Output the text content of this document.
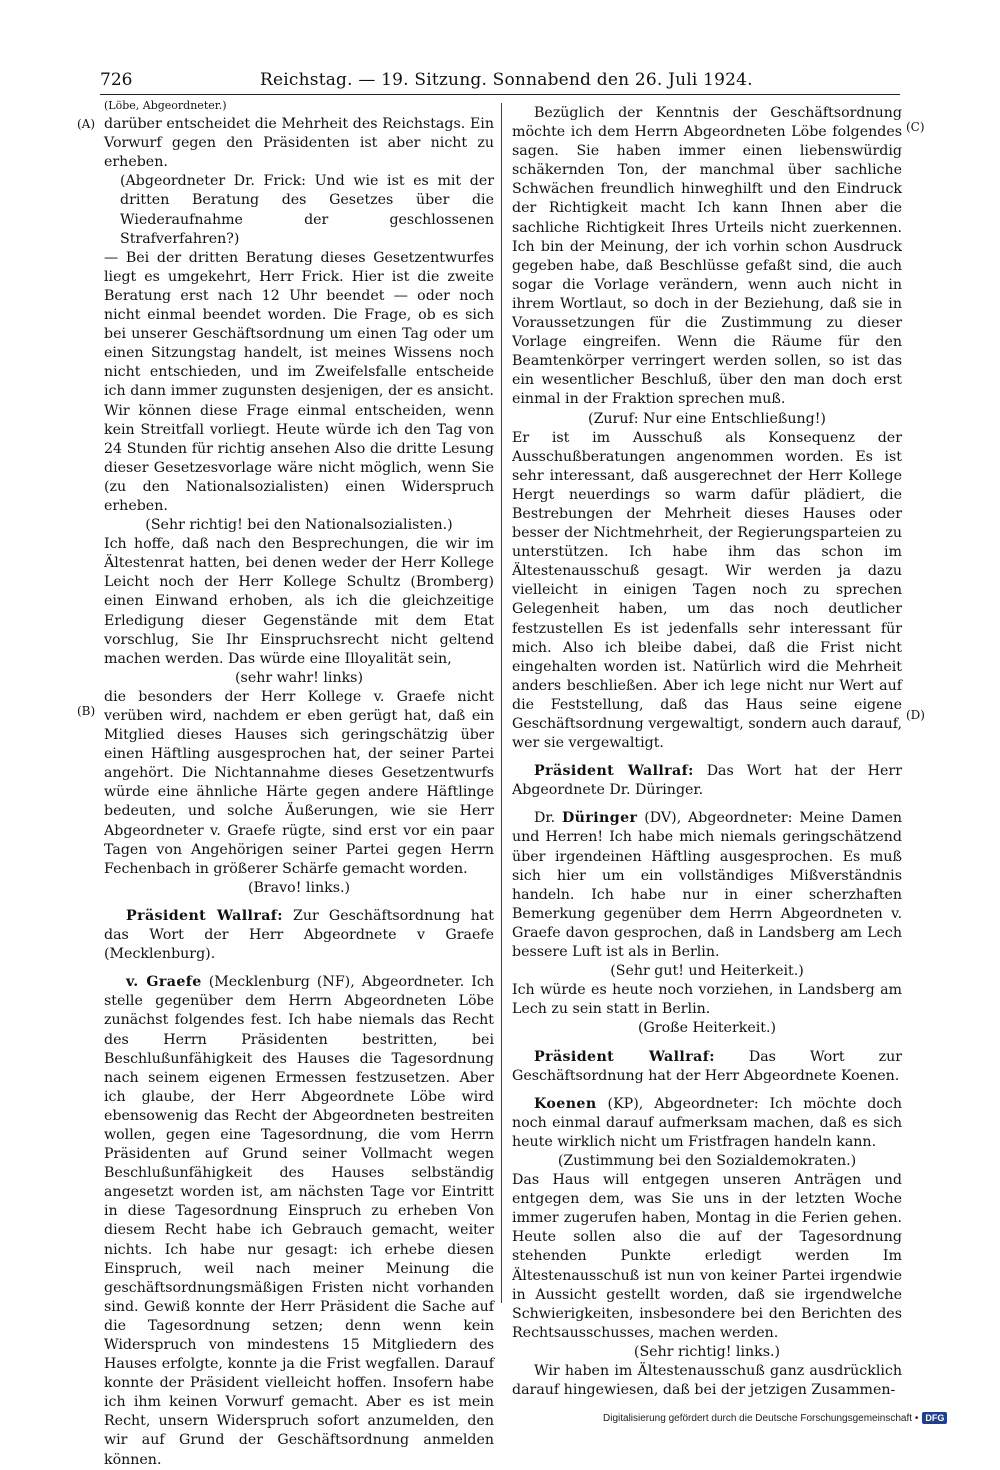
726	Reichstag. — 19. Sitzung. Sonnabend den 26. Juli 1924.
(A)
(B)
(C)
(D)

(Löbe, Abgeordneter.)

darüber entscheidet die Mehrheit des Reichstags. Ein Vorwurf gegen den Präsidenten ist aber nicht zu erheben.

(Abgeordneter Dr. Frick: Und wie ist es mit der dritten Beratung des Gesetzes über die Wiederaufnahme der geschlossenen Strafverfahren?)

— Bei der dritten Beratung dieses Gesetzentwurfes liegt es umgekehrt, Herr Frick. Hier ist die zweite Beratung erst nach 12 Uhr beendet — oder noch nicht einmal beendet worden. Die Frage, ob es sich bei unserer Geschäftsordnung um einen Tag oder um einen Sitzungstag handelt, ist meines Wissens noch nicht entschieden, und im Zweifelsfalle entscheide ich dann immer zugunsten desjenigen, der es ansicht. Wir können diese Frage einmal entscheiden, wenn kein Streitfall vorliegt. Heute würde ich den Tag von 24 Stunden für richtig ansehen Also die dritte Lesung dieser Gesetzesvorlage wäre nicht möglich, wenn Sie (zu den Nationalsozialisten) einen Widerspruch erheben.

(Sehr richtig! bei den Nationalsozialisten.)

Ich hoffe, daß nach den Besprechungen, die wir im Ältestenrat hatten, bei denen weder der Herr Kollege Leicht noch der Herr Kollege Schultz (Bromberg) einen Einwand erhoben, als ich die gleichzeitige Erledigung dieser Gegenstände mit dem Etat vorschlug, Sie Ihr Einspruchsrecht nicht geltend machen werden. Das würde eine Illoyalität sein,

(sehr wahr! links)

die besonders der Herr Kollege v. Graefe nicht verüben wird, nachdem er eben gerügt hat, daß ein Mitglied dieses Hauses sich geringschätzig über einen Häftling ausgesprochen hat, der seiner Partei angehört. Die Nichtannahme dieses Gesetzentwurfs würde eine ähnliche Härte gegen andere Häftlinge bedeuten, und solche Äußerungen, wie sie Herr Abgeordneter v. Graefe rügte, sind erst vor ein paar Tagen von Angehörigen seiner Partei gegen Herrn Fechenbach in größerer Schärfe gemacht worden.

(Bravo! links.)

Präsident Wallraf: Zur Geschäftsordnung hat das Wort der Herr Abgeordnete v Graefe (Mecklenburg).

v. Graefe (Mecklenburg (NF), Abgeordneter. Ich stelle gegenüber dem Herrn Abgeordneten Löbe zunächst folgendes fest. Ich habe niemals das Recht des Herrn Präsidenten bestritten, bei Beschlußunfähigkeit des Hauses die Tagesordnung nach seinem eigenen Ermessen festzusetzen. Aber ich glaube, der Herr Abgeordnete Löbe wird ebensowenig das Recht der Abgeordneten bestreiten wollen, gegen eine Tagesordnung, die vom Herrn Präsidenten auf Grund seiner Vollmacht wegen Beschlußunfähigkeit des Hauses selbständig angesetzt worden ist, am nächsten Tage vor Eintritt in diese Tagesordnung Einspruch zu erheben Von diesem Recht habe ich Gebrauch gemacht, weiter nichts. Ich habe nur gesagt: ich erhebe diesen Einspruch, weil nach meiner Meinung die geschäftsordnungsmäßigen Fristen nicht vorhanden sind. Gewiß konnte der Herr Präsident die Sache auf die Tagesordnung setzen; denn wenn kein Widerspruch von mindestens 15 Mitgliedern des Hauses erfolgte, konnte ja die Frist wegfallen. Darauf konnte der Präsident vielleicht hoffen. Insofern habe ich ihm keinen Vorwurf gemacht. Aber es ist mein Recht, unsern Widerspruch sofort anzumelden, den wir auf Grund der Geschäftsordnung anmelden können.

Bezüglich der Kenntnis der Geschäftsordnung möchte ich dem Herrn Abgeordneten Löbe folgendes sagen. Sie haben immer einen liebenswürdig schäkernden Ton, der manchmal über sachliche Schwächen freundlich hinweghilft und den Eindruck der Richtigkeit macht Ich kann Ihnen aber die sachliche Richtigkeit Ihres Urteils nicht zuerkennen. Ich bin der Meinung, der ich vorhin schon Ausdruck gegeben habe, daß Beschlüsse gefaßt sind, die auch sogar die Vorlage verändern, wenn auch nicht in ihrem Wortlaut, so doch in der Beziehung, daß sie in Voraussetzungen für die Zustimmung zu dieser Vorlage eingreifen. Wenn die Räume für den Beamtenkörper verringert werden sollen, so ist das ein wesentlicher Beschluß, über den man doch erst einmal in der Fraktion sprechen muß.

(Zuruf: Nur eine Entschließung!)

Er ist im Ausschuß als Konsequenz der Ausschußberatungen angenommen worden. Es ist sehr interessant, daß ausgerechnet der Herr Kollege Hergt neuerdings so warm dafür plädiert, die Bestrebungen der Mehrheit dieses Hauses oder besser der Nichtmehrheit, der Regierungsparteien zu unterstützen. Ich habe ihm das schon im Ältestenausschuß gesagt. Wir werden ja dazu vielleicht in einigen Tagen noch zu sprechen Gelegenheit haben, um das noch deutlicher festzustellen Es ist jedenfalls sehr interessant für mich. Also ich bleibe dabei, daß die Frist nicht eingehalten worden ist. Natürlich wird die Mehrheit anders beschließen. Aber ich lege nicht nur Wert auf die Feststellung, daß das Haus seine eigene Geschäftsordnung vergewaltigt, sondern auch darauf, wer sie vergewaltigt.

Präsident Wallraf: Das Wort hat der Herr Abgeordnete Dr. Düringer.

Dr. Düringer (DV), Abgeordneter: Meine Damen und Herren! Ich habe mich niemals geringschätzend über irgendeinen Häftling ausgesprochen. Es muß sich hier um ein vollständiges Mißverständnis handeln. Ich habe nur in einer scherzhaften Bemerkung gegenüber dem Herrn Abgeordneten v. Graefe davon gesprochen, daß in Landsberg am Lech bessere Luft ist als in Berlin.

(Sehr gut! und Heiterkeit.)

Ich würde es heute noch vorziehen, in Landsberg am Lech zu sein statt in Berlin.

(Große Heiterkeit.)

Präsident Wallraf: Das Wort zur Geschäftsordnung hat der Herr Abgeordnete Koenen.

Koenen (KP), Abgeordneter: Ich möchte doch noch einmal darauf aufmerksam machen, daß es sich heute wirklich nicht um Fristfragen handeln kann.

(Zustimmung bei den Sozialdemokraten.)

Das Haus will entgegen unseren Anträgen und entgegen dem, was Sie uns in der letzten Woche immer zugerufen haben, Montag in die Ferien gehen. Heute sollen also die auf der Tagesordnung stehenden Punkte erledigt werden Im Ältestenausschuß ist nun von keiner Partei irgendwie in Aussicht gestellt worden, daß sie irgendwelche Schwierigkeiten, insbesondere bei den Berichten des Rechtsausschusses, machen werden.

(Sehr richtig! links.)

Wir haben im Ältestenausschuß ganz ausdrücklich darauf hingewiesen, daß bei der jetzigen Zusammen-

Digitalisierung gefördert durch die Deutsche Forschungsgemeinschaft • DFG
